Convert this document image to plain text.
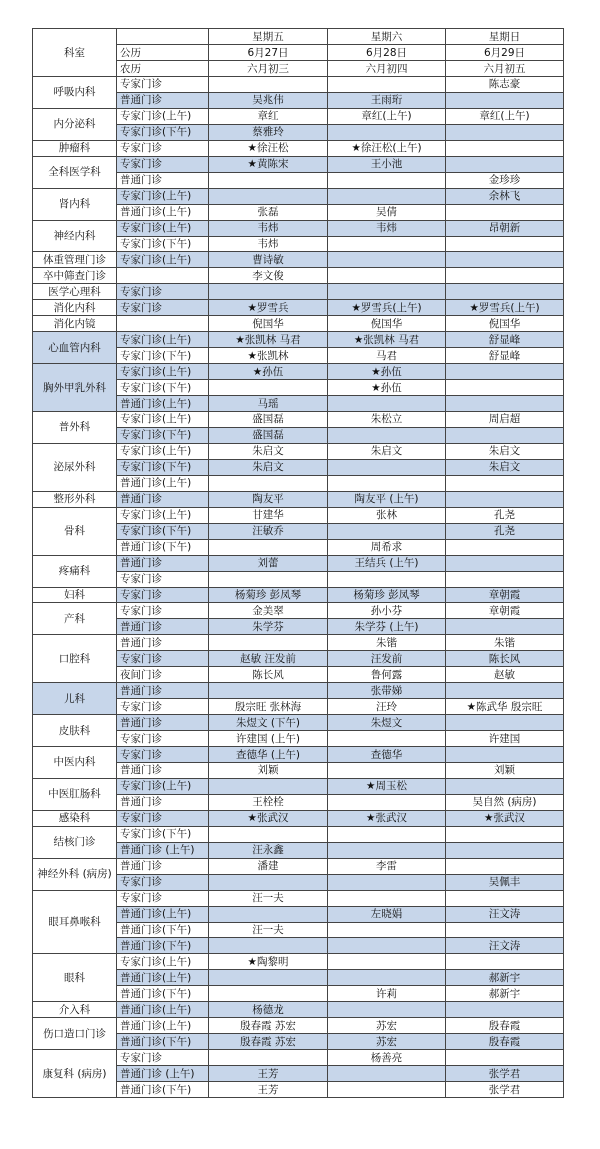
科室		星期五	星期六	星期日
	公历	6月27日	6月28日	6月29日
	农历	六月初三	六月初四	六月初五
呼吸内科	专家门诊			陈志豪
	普通门诊	吴兆伟	王雨珩	
内分泌科	专家门诊(上午)	章红	章红(上午)	章红(上午)
	专家门诊(下午)	蔡雅玲		
肿瘤科	专家门诊	★徐汪松	★徐汪松(上午)	
全科医学科	专家门诊	★黄陈宋	王小池	
	普通门诊			金珍珍
肾内科	专家门诊(上午)			余林飞
	普通门诊(上午)	张磊	吴倩	
神经内科	专家门诊(上午)	韦炜	韦炜	昂朝新
	专家门诊(下午)	韦炜		
体重管理门诊	专家门诊(上午)	曹诗敏		
卒中筛查门诊		李文俊		
医学心理科	专家门诊			
消化内科	专家门诊	★罗雪兵	★罗雪兵(上午)	★罗雪兵(上午)
消化内镜		倪国华	倪国华	倪国华
心血管内科	专家门诊(上午)	★张凯林 马君	★张凯林 马君	舒显峰
	专家门诊(下午)	★张凯林	马君	舒显峰
胸外甲乳外科	专家门诊(上午)	★孙伍	★孙伍	
	专家门诊(下午)		★孙伍	
	普通门诊(上午)	马瑶		
普外科	专家门诊(上午)	盛国磊	朱松立	周启超
	专家门诊(下午)	盛国磊		
泌尿外科	专家门诊(上午)	朱启文	朱启文	朱启文
	专家门诊(下午)	朱启文		朱启文
	普通门诊(上午)			
整形外科	普通门诊	陶友平	陶友平 (上午)	
骨科	专家门诊(上午)	甘建华	张林	孔尧
	专家门诊(下午)	汪敏乔		孔尧
	普通门诊(下午)		周希求	
疼痛科	普通门诊	刘蕾	王结兵 (上午)	
	专家门诊			
妇科	专家门诊	杨菊珍 彭凤琴	杨菊珍 彭凤琴	章朝霞
产科	专家门诊	金美翠	孙小芬	章朝霞
	普通门诊	朱学芬	朱学芬 (上午)	
口腔科	普通门诊		朱锴	朱锴
	专家门诊	赵敏 汪发前	汪发前	陈长风
	夜间门诊	陈长风	鲁何露	赵敏
儿科	普通门诊		张带娣	
	专家门诊	殷宗旺 张林海	汪玲	★陈武华 殷宗旺
皮肤科	普通门诊	朱煜文 (下午)	朱煜文	
	专家门诊	许建国 (上午)		许建国
中医内科	专家门诊	查德华 (上午)	查德华	
	普通门诊	刘颖		刘颖
中医肛肠科	专家门诊(上午)		★周玉松	
	普通门诊	王栓栓		吴自然 (病房)
感染科	专家门诊	★张武汉	★张武汉	★张武汉
结核门诊	专家门诊(下午)			
	普通门诊 (上午)	汪永鑫		
神经外科 (病房)	普通门诊	潘建	李雷	
	专家门诊			吴佩丰
眼耳鼻喉科	专家门诊	汪一夫		
	普通门诊(上午)		左晓娟	汪文涛
	普通门诊(下午)	汪一夫		
	普通门诊(下午)			汪文涛
眼科	专家门诊(上午)	★陶黎明		
	普通门诊(上午)			郝新宇
	普通门诊(下午)		许莉	郝新宇
介入科	普通门诊(上午)	杨德龙		
伤口造口门诊	普通门诊(上午)	殷春霞 苏宏	苏宏	殷春霞
	普通门诊(下午)	殷春霞 苏宏	苏宏	殷春霞
康复科 (病房)	专家门诊		杨善亮	
	普通门诊 (上午)	王芳		张学君
	普通门诊(下午)	王芳		张学君
